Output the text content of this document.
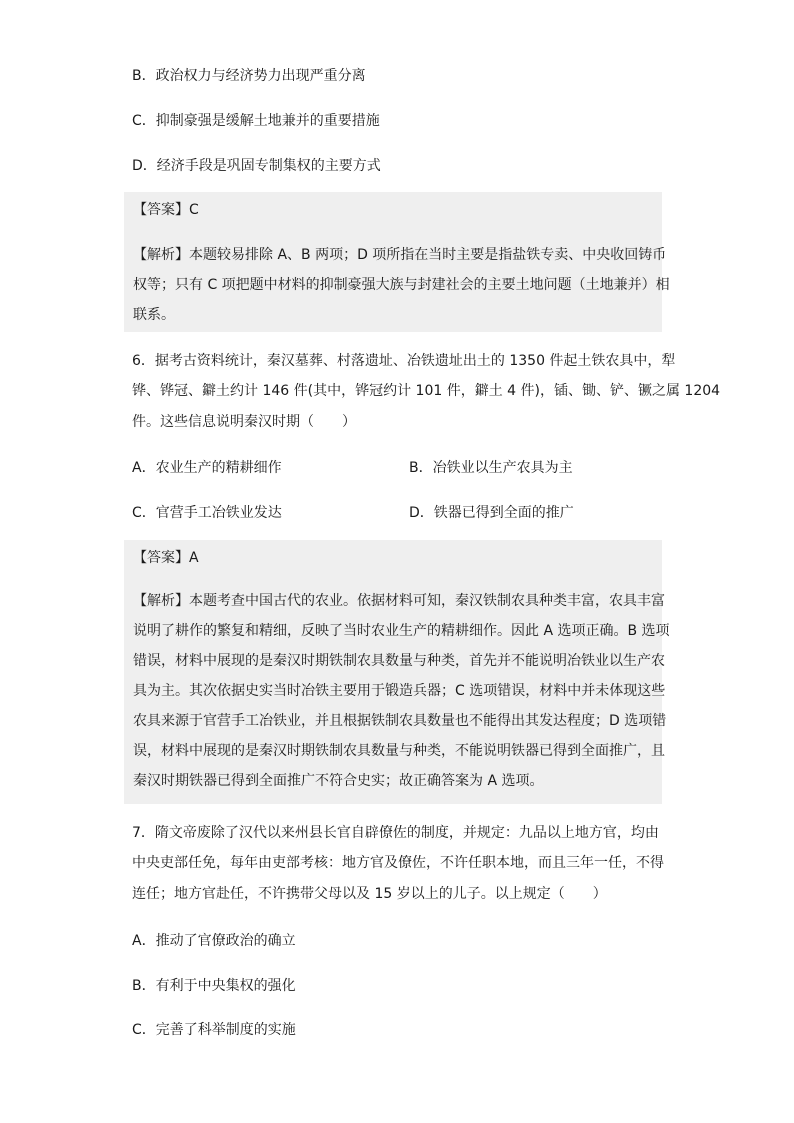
B．政治权力与经济势力出现严重分离
C．抑制豪强是缓解土地兼并的重要措施
D．经济手段是巩固专制集权的主要方式
【答案】C
【解析】本题较易排除 A、B 两项；D 项所指在当时主要是指盐铁专卖、中央收回铸币
权等；只有 C 项把题中材料的抑制豪强大族与封建社会的主要土地问题（土地兼并）相
联系。
6．据考古资料统计，秦汉墓葬、村落遗址、冶铁遗址出土的 1350 件起土铁农具中，犁
铧、铧冠、鐴土约计 146 件(其中，铧冠约计 101 件，鐴土 4 件)，锸、锄、铲、镢之属 1204
件。这些信息说明秦汉时期（　　）
A．农业生产的精耕细作	B．冶铁业以生产农具为主
C．官营手工冶铁业发达	D．铁器已得到全面的推广
【答案】A
【解析】本题考查中国古代的农业。依据材料可知，秦汉铁制农具种类丰富，农具丰富
说明了耕作的繁复和精细，反映了当时农业生产的精耕细作。因此 A 选项正确。B 选项
错误，材料中展现的是秦汉时期铁制农具数量与种类，首先并不能说明冶铁业以生产农
具为主。其次依据史实当时冶铁主要用于锻造兵器；C 选项错误，材料中并未体现这些
农具来源于官营手工冶铁业，并且根据铁制农具数量也不能得出其发达程度；D 选项错
误，材料中展现的是秦汉时期铁制农具数量与种类，不能说明铁器已得到全面推广，且
秦汉时期铁器已得到全面推广不符合史实；故正确答案为 A 选项。
7．隋文帝废除了汉代以来州县长官自辟僚佐的制度，并规定：九品以上地方官，均由
中央吏部任免，每年由吏部考核：地方官及僚佐，不许任职本地，而且三年一任，不得
连任；地方官赴任，不许携带父母以及 15 岁以上的儿子。以上规定（　　）
A．推动了官僚政治的确立
B．有利于中央集权的强化
C．完善了科举制度的实施
